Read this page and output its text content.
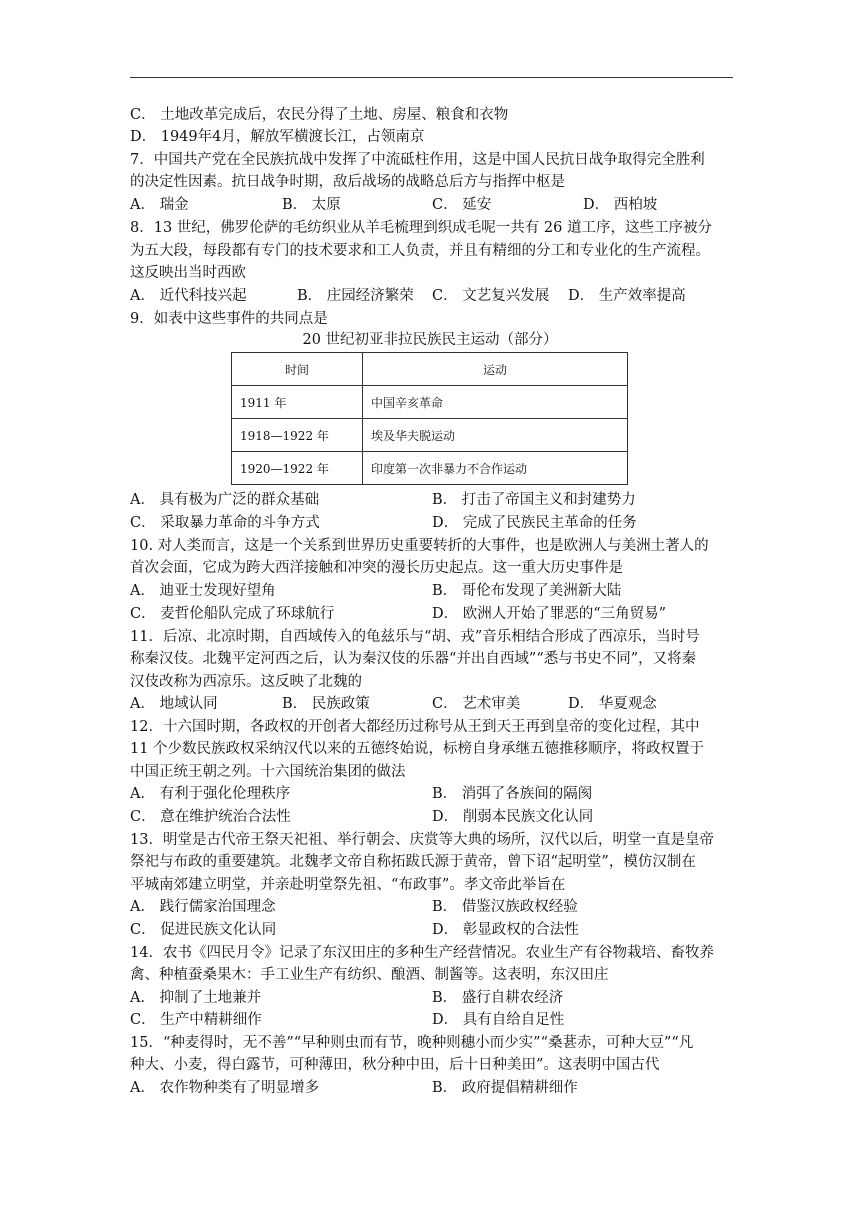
C． 土地改革完成后，农民分得了土地、房屋、粮食和衣物
D． 1949年4月，解放军横渡长江，占领南京
7．中国共产党在全民族抗战中发挥了中流砥柱作用，这是中国人民抗日战争取得完全胜利
的决定性因素。抗日战争时期，敌后战场的战略总后方与指挥中枢是
A． 瑞金	B． 太原	C． 延安	D． 西柏坡
8．13 世纪，佛罗伦萨的毛纺织业从羊毛梳理到织成毛呢一共有 26 道工序，这些工序被分
为五大段，每段都有专门的技术要求和工人负责，并且有精细的分工和专业化的生产流程。
这反映出当时西欧
A． 近代科技兴起	B． 庄园经济繁荣 C． 文艺复兴发展 D． 生产效率提高
9．如表中这些事件的共同点是
20 世纪初亚非拉民族民主运动（部分）
时间	运动
1911 年	中国辛亥革命
1918—1922 年	埃及华夫脱运动
1920—1922 年	印度第一次非暴力不合作运动
A． 具有极为广泛的群众基础	B． 打击了帝国主义和封建势力
C． 采取暴力革命的斗争方式	D． 完成了民族民主革命的任务
10. 对人类而言，这是一个关系到世界历史重要转折的大事件，也是欧洲人与美洲土著人的
首次会面，它成为跨大西洋接触和冲突的漫长历史起点。这一重大历史事件是
A． 迪亚士发现好望角	B． 哥伦布发现了美洲新大陆
C． 麦哲伦船队完成了环球航行	D． 欧洲人开始了罪恶的“三角贸易”
11．后凉、北凉时期，自西域传入的龟兹乐与“胡、戎”音乐相结合形成了西凉乐，当时号
称秦汉伎。北魏平定河西之后，认为秦汉伎的乐器“并出自西域”“悉与书史不同”，又将秦
汉伎改称为西凉乐。这反映了北魏的
A． 地域认同	B． 民族政策	C． 艺术审美	D． 华夏观念
12．十六国时期，各政权的开创者大都经历过称号从王到天王再到皇帝的变化过程，其中
11 个少数民族政权采纳汉代以来的五德终始说，标榜自身承继五德推移顺序，将政权置于
中国正统王朝之列。十六国统治集团的做法
A． 有利于强化伦理秩序	B． 消弭了各族间的隔阂
C． 意在维护统治合法性	D． 削弱本民族文化认同
13．明堂是古代帝王祭天祀祖、举行朝会、庆赏等大典的场所，汉代以后，明堂一直是皇帝
祭祀与布政的重要建筑。北魏孝文帝自称拓跋氏源于黄帝，曾下诏“起明堂”，模仿汉制在
平城南郊建立明堂，并亲赴明堂祭先祖、“布政事”。孝文帝此举旨在
A． 践行儒家治国理念	B． 借鉴汉族政权经验
C． 促进民族文化认同	D． 彰显政权的合法性
14．农书《四民月令》记录了东汉田庄的多种生产经营情况。农业生产有谷物栽培、畜牧养
禽、种植蚕桑果木：手工业生产有纺织、酿酒、制酱等。这表明，东汉田庄
A． 抑制了土地兼并	B． 盛行自耕农经济
C． 生产中精耕细作	D． 具有自给自足性
15．“种麦得时，无不善”“早种则虫而有节，晚种则穗小而少实”“桑葚赤，可种大豆”“凡
种大、小麦，得白露节，可种薄田，秋分种中田，后十日种美田”。这表明中国古代
A． 农作物种类有了明显增多	B． 政府提倡精耕细作
